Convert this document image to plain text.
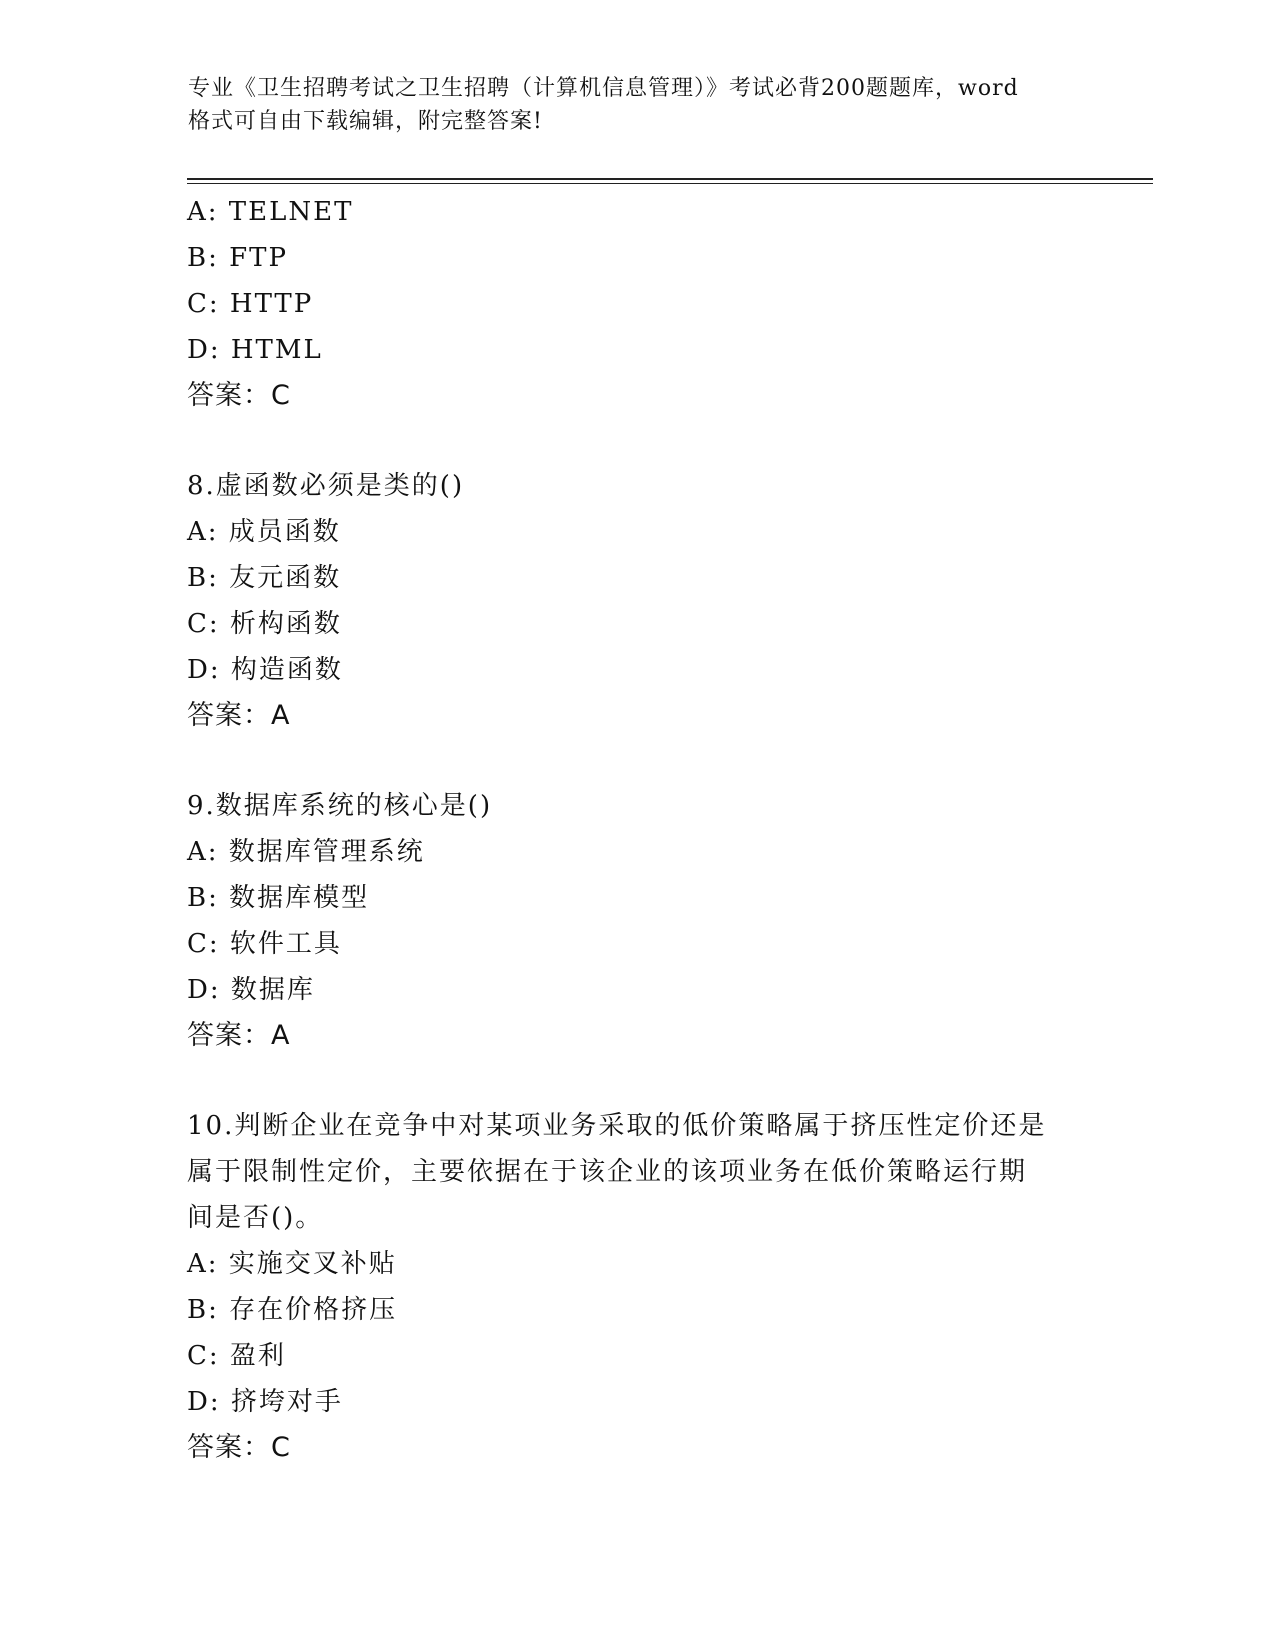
专业《卫生招聘考试之卫生招聘（计算机信息管理）》考试必背200题题库，word
格式可自由下载编辑，附完整答案!
A: TELNET
B: FTP
C: HTTP
D: HTML
答案：C
8.虚函数必须是类的()
A: 成员函数
B: 友元函数
C: 析构函数
D: 构造函数
答案：A
9.数据库系统的核心是()
A: 数据库管理系统
B: 数据库模型
C: 软件工具
D: 数据库
答案：A
10.判断企业在竞争中对某项业务采取的低价策略属于挤压性定价还是
属于限制性定价，主要依据在于该企业的该项业务在低价策略运行期
间是否()。
A: 实施交叉补贴
B: 存在价格挤压
C: 盈利
D: 挤垮对手
答案：C
